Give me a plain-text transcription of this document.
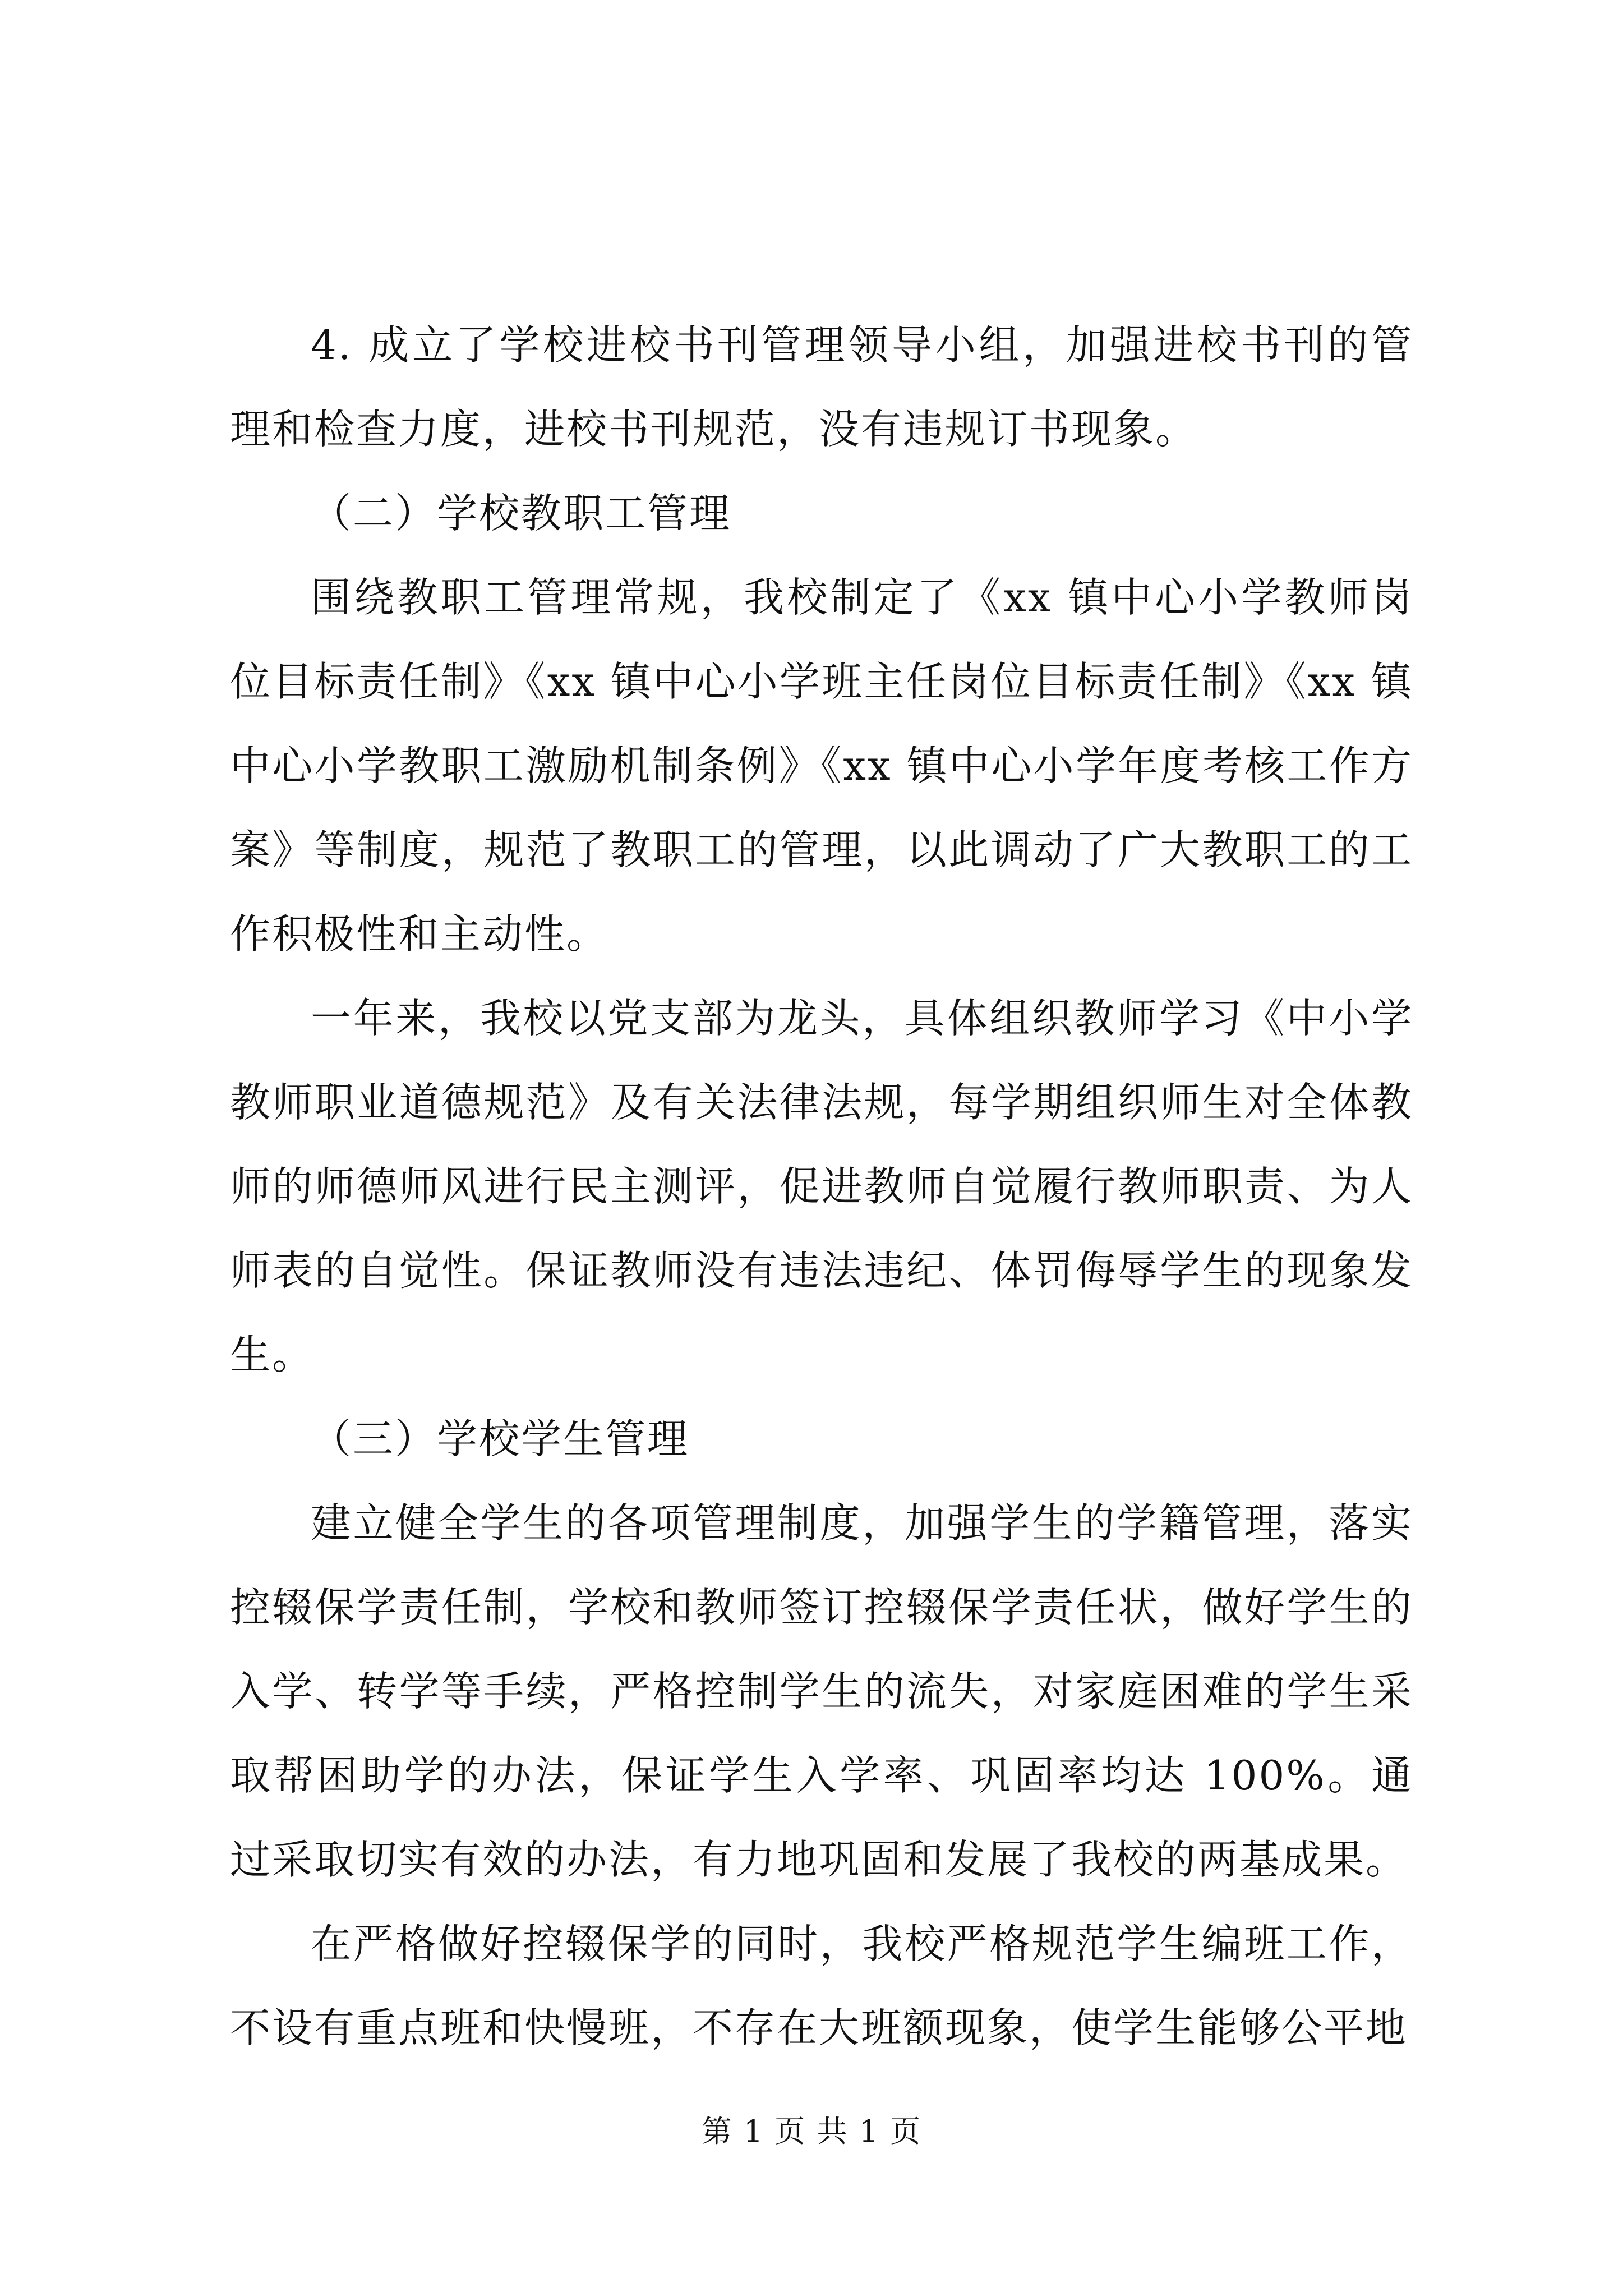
4. 成立了学校进校书刊管理领导小组，加强进校书刊的管理和检查力度，进校书刊规范，没有违规订书现象。

（二）学校教职工管理

围绕教职工管理常规，我校制定了《xx 镇中心小学教师岗位目标责任制》《xx 镇中心小学班主任岗位目标责任制》《xx 镇中心小学教职工激励机制条例》《xx 镇中心小学年度考核工作方案》等制度，规范了教职工的管理，以此调动了广大教职工的工作积极性和主动性。

一年来，我校以党支部为龙头，具体组织教师学习《中小学教师职业道德规范》及有关法律法规，每学期组织师生对全体教师的师德师风进行民主测评，促进教师自觉履行教师职责、为人师表的自觉性。保证教师没有违法违纪、体罚侮辱学生的现象发生。

（三）学校学生管理

建立健全学生的各项管理制度，加强学生的学籍管理，落实控辍保学责任制，学校和教师签订控辍保学责任状，做好学生的入学、转学等手续，严格控制学生的流失，对家庭困难的学生采取帮困助学的办法，保证学生入学率、巩固率均达 100%。通过采取切实有效的办法，有力地巩固和发展了我校的两基成果。

在严格做好控辍保学的同时，我校严格规范学生编班工作，不设有重点班和快慢班，不存在大班额现象，使学生能够公平地

第 1 页 共 1 页
